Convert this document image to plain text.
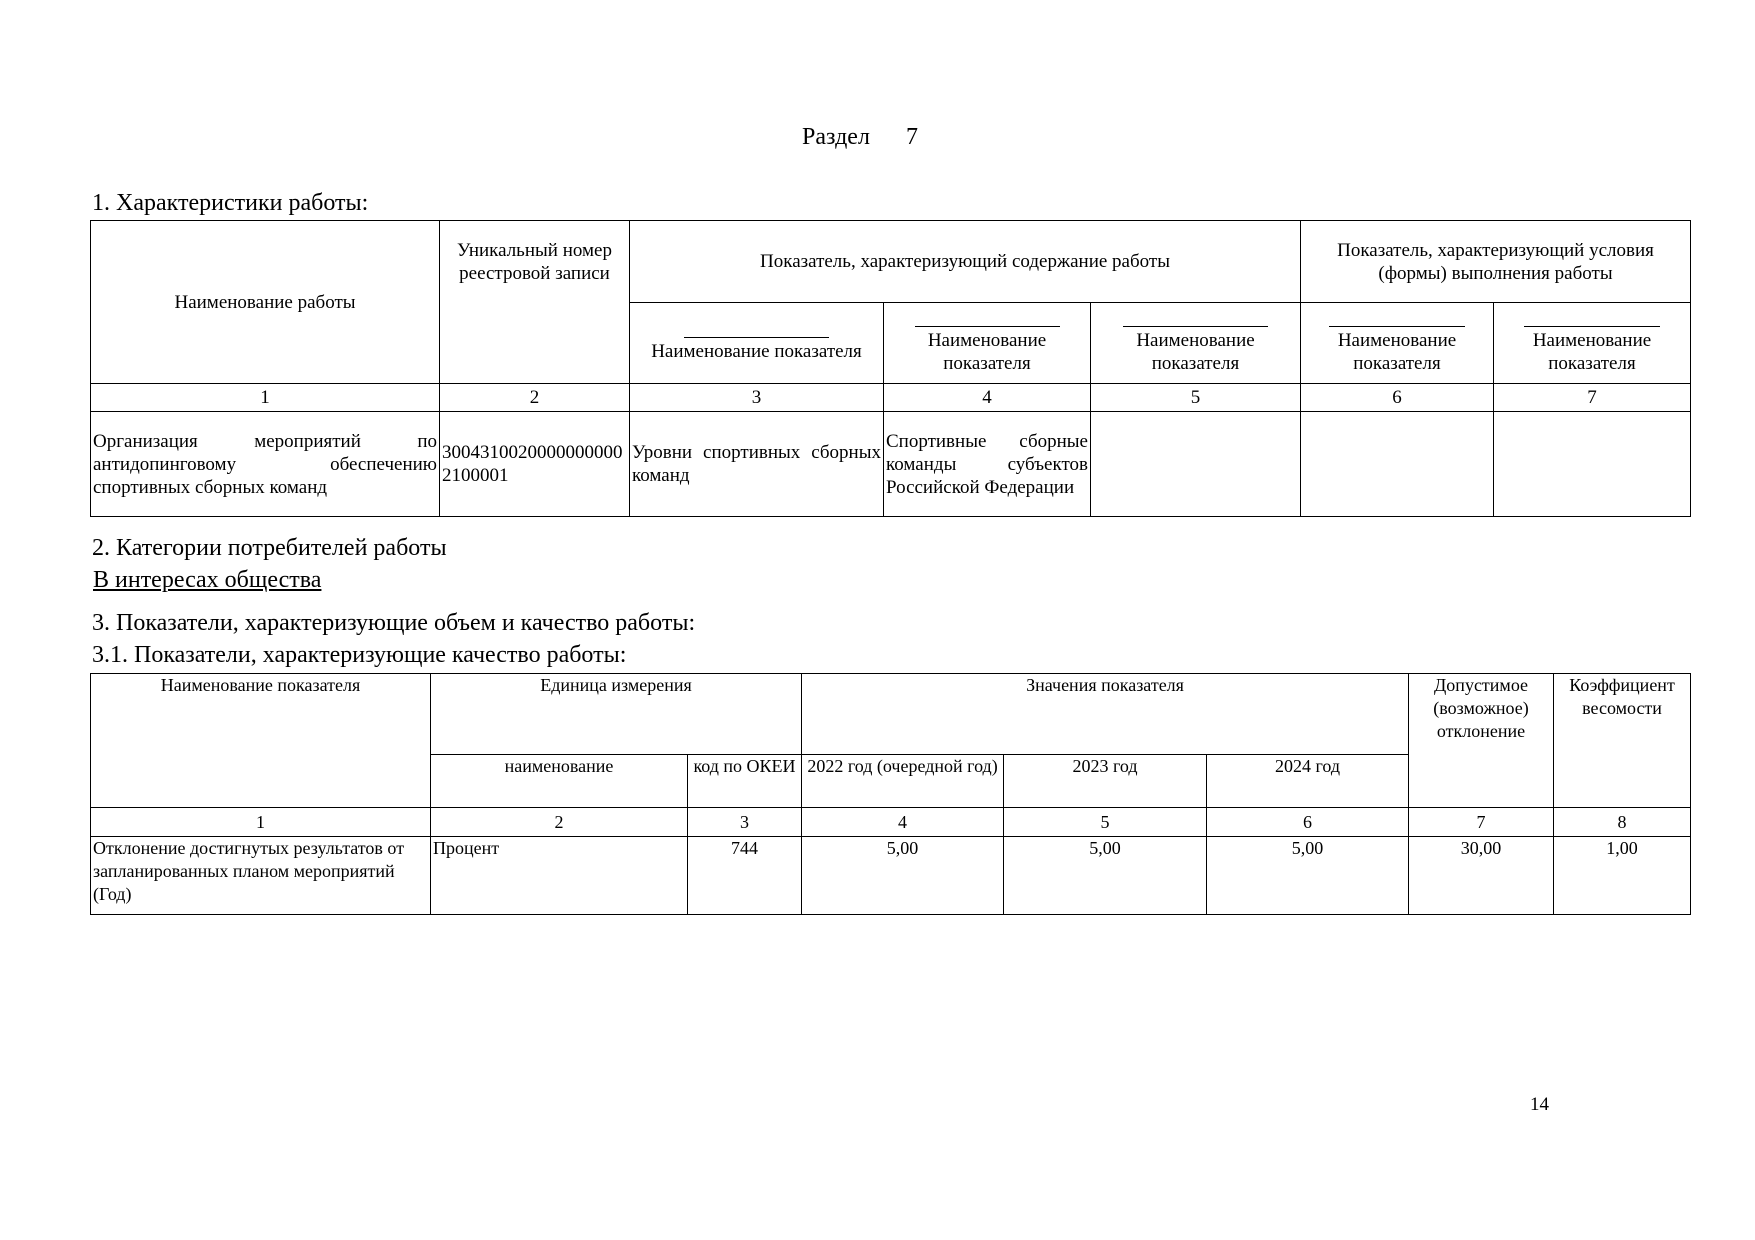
Раздел 7
1. Характеристики работы:
Наименование работы	Уникальный номер реестровой записи	Показатель, характеризующий содержание работы			Показатель, характеризующий условия (формы) выполнения работы	

Наименование показателя	Наименование показателя	Наименование показателя	Наименование показателя	Наименование показателя
1	2	3	4	5	6	7
Организация мероприятий по антидопинговому обеспечению спортивных сборных команд	30043100200000000002100001	Уровни спортивных сборных команд	Спортивные сборные команды субъектов Российской Федерации			
2. Категории потребителей работы
В интересах общества
3. Показатели, характеризующие объем и качество работы:
3.1. Показатели, характеризующие качество работы:
Наименование показателя	Единица измерения		Значения показателя			Допустимое (возможное) отклонение	Коэффициент весомости
	наименование	код по ОКЕИ	2022 год (очередной год)	2023 год	2024 год		
1	2	3	4	5	6	7	8
Отклонение достигнутых результатов от запланированных планом мероприятий (Год)	Процент	744	5,00	5,00	5,00	30,00	1,00
14
